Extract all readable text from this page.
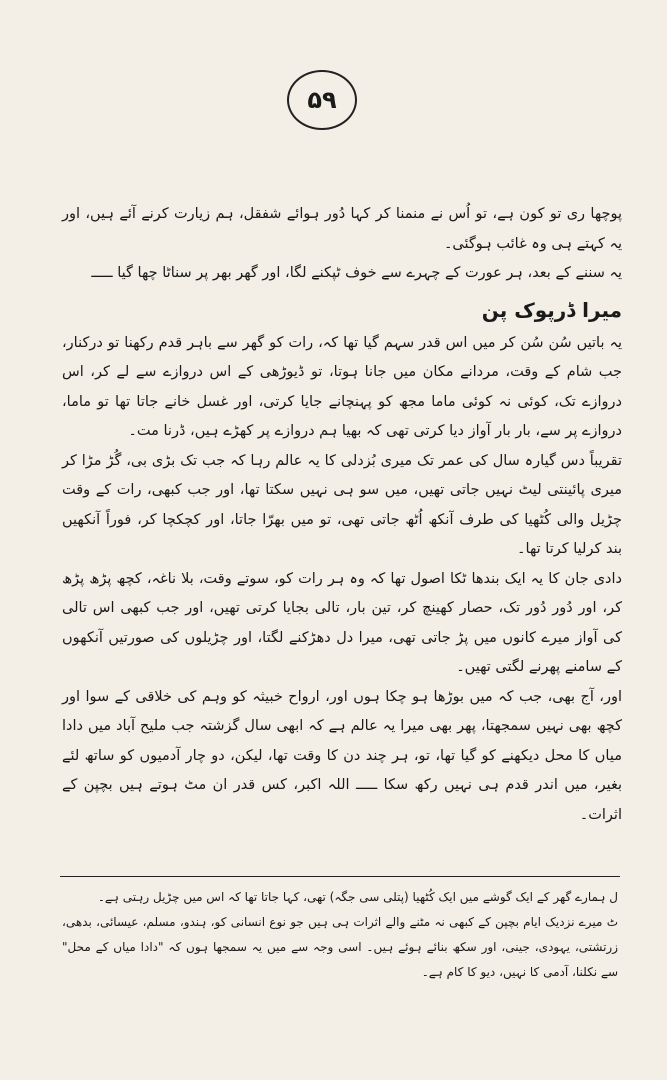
۵۹

پوچھا ری تو کون ہے، تو اُس نے منمنا کر کہا دُور ہوائے شفقل، ہم زیارت کرنے آئے ہیں، اور یہ کہتے ہی وہ غائب ہوگئی۔

یہ سننے کے بعد، ہر عورت کے چہرے سے خوف ٹپکنے لگا، اور گھر بھر پر سناٹا چھا گیا ـــــ

میرا ڈرپوک پن

یہ باتیں سُن سُن کر میں اس قدر سہم گیا تھا کہ، رات کو گھر سے باہر قدم رکھنا تو درکنار، جب شام کے وقت، مردانے مکان میں جانا ہوتا، تو ڈیوڑھی کے اس دروازے سے لے کر، اس دروازے تک، کوئی نہ کوئی ماما مجھ کو پہنچانے جایا کرتی، اور غسل خانے جاتا تھا تو ماما، دروازے پر سے، بار بار آواز دیا کرتی تھی کہ بھیا ہم دروازے پر کھڑے ہیں، ڈرنا مت۔

تقریباً دس گیارہ سال کی عمر تک میری بُزدلی کا یہ عالم رہا کہ جب تک بڑی بی، گُڑ مڑا کر میری پائینتی لیٹ نہیں جاتی تھیں، میں سو ہی نہیں سکتا تھا، اور جب کبھی، رات کے وقت چڑیل والی کُٹھیا کی طرف آنکھ اُٹھ جاتی تھی، تو میں بھرّا جاتا، اور کچکچا کر، فوراً آنکھیں بند کرلیا کرتا تھا۔

دادی جان کا یہ ایک بندھا ٹکا اصول تھا کہ وہ ہر رات کو، سوتے وقت، بلا ناغہ، کچھ پڑھ پڑھ کر، اور دُور دُور تک، حصار کھینچ کر، تین بار، تالی بجایا کرتی تھیں، اور جب کبھی اس تالی کی آواز میرے کانوں میں پڑ جاتی تھی، میرا دل دھڑکنے لگتا، اور چڑیلوں کی صورتیں آنکھوں کے سامنے پھرنے لگتی تھیں۔

اور، آج بھی، جب کہ میں بوڑھا ہو چکا ہوں اور، ارواح خبیثہ کو وہم کی خلاقی کے سوا اور کچھ بھی نہیں سمجھتا، پھر بھی میرا یہ عالم ہے کہ ابھی سال گزشتہ جب ملیح آباد میں دادا میاں کا محل دیکھنے کو گیا تھا، تو، ہر چند دن کا وقت تھا، لیکن، دو چار آدمیوں کو ساتھ لئے بغیر، میں اندر قدم ہی نہیں رکھ سکا ـــــ اللہ اکبر، کس قدر ان مٹ ہوتے ہیں بچپن کے اثرات۔

ل ہمارے گھر کے ایک گوشے میں ایک کُٹھیا (پتلی سی جگہ) تھی، کہا جاتا تھا کہ اس میں چڑیل رہتی ہے۔

ٹ میرے نزدیک ایام بچپن کے کبھی نہ مٹنے والے اثرات ہی ہیں جو نوع انسانی کو، ہندو، مسلم، عیسائی، بدھی، زرتشتی، یہودی، جینی، اور سکھ بنائے ہوئے ہیں۔ اسی وجہ سے میں یہ سمجھا ہوں کہ "دادا میاں کے محل" سے نکلنا، آدمی کا نہیں، دیو کا کام ہے۔
